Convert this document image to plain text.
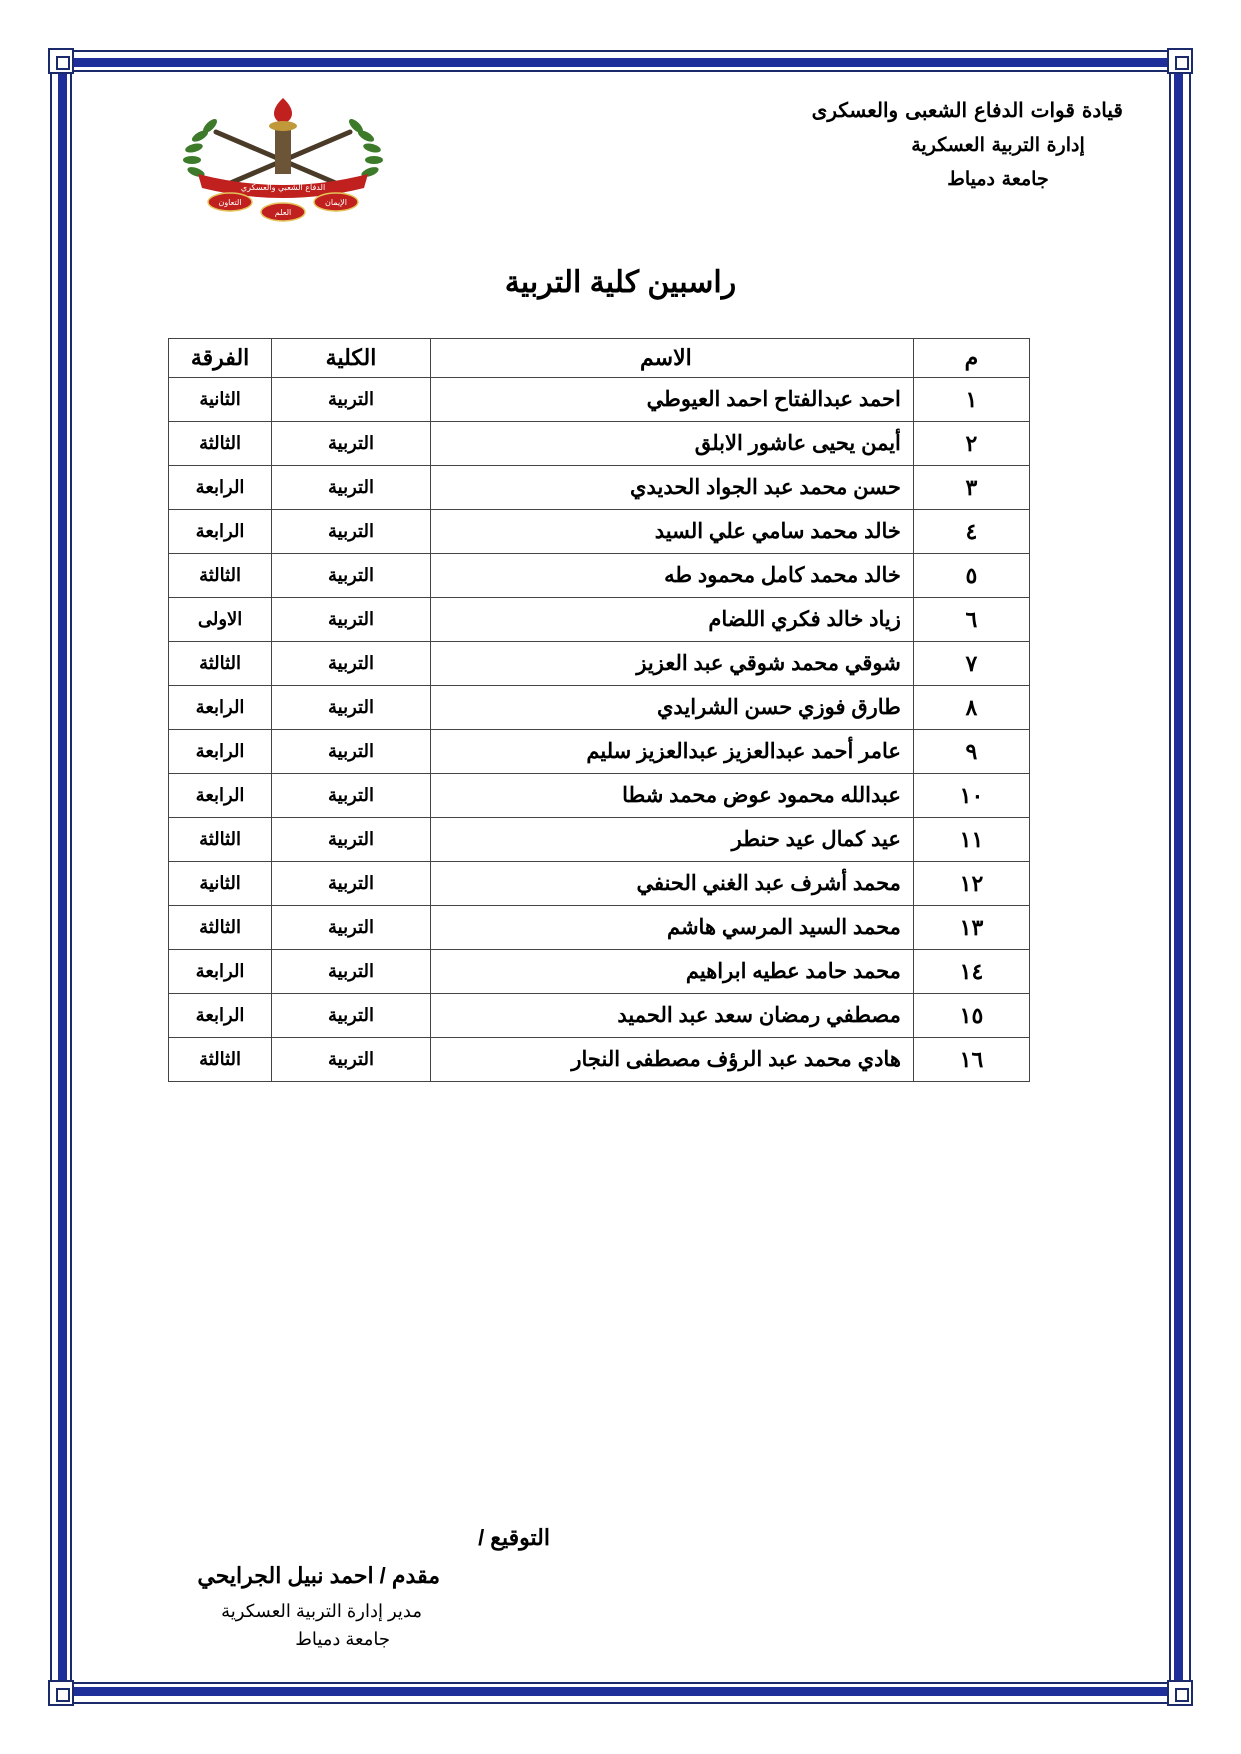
قيادة قوات الدفاع الشعبى والعسكرى

إدارة التربية العسكرية

جامعة دمياط

الدفاع الشعبي والعسكري
الإيمان
العلم
التعاون
راسبين كلية التربية
م	الاسم	الكلية	الفرقة
١	احمد عبدالفتاح احمد العيوطي	التربية	الثانية
٢	أيمن يحيى عاشور الابلق	التربية	الثالثة
٣	حسن محمد عبد الجواد الحديدي	التربية	الرابعة
٤	خالد محمد سامي علي السيد	التربية	الرابعة
٥	خالد محمد كامل محمود طه	التربية	الثالثة
٦	زياد خالد فكري اللضام	التربية	الاولى
٧	شوقي محمد شوقي عبد العزيز	التربية	الثالثة
٨	طارق فوزي حسن الشرايدي	التربية	الرابعة
٩	عامر أحمد عبدالعزيز عبدالعزيز سليم	التربية	الرابعة
١٠	عبدالله محمود عوض محمد شطا	التربية	الرابعة
١١	عيد كمال عيد حنطر	التربية	الثالثة
١٢	محمد أشرف عبد الغني الحنفي	التربية	الثانية
١٣	محمد السيد المرسي هاشم	التربية	الثالثة
١٤	محمد حامد عطيه ابراهيم	التربية	الرابعة
١٥	مصطفي رمضان سعد عبد الحميد	التربية	الرابعة
١٦	هادي محمد عبد الرؤف مصطفى النجار	التربية	الثالثة
التوقيع /
مقدم / احمد نبيل الجرايحي
مدير إدارة التربية العسكرية
جامعة دمياط
